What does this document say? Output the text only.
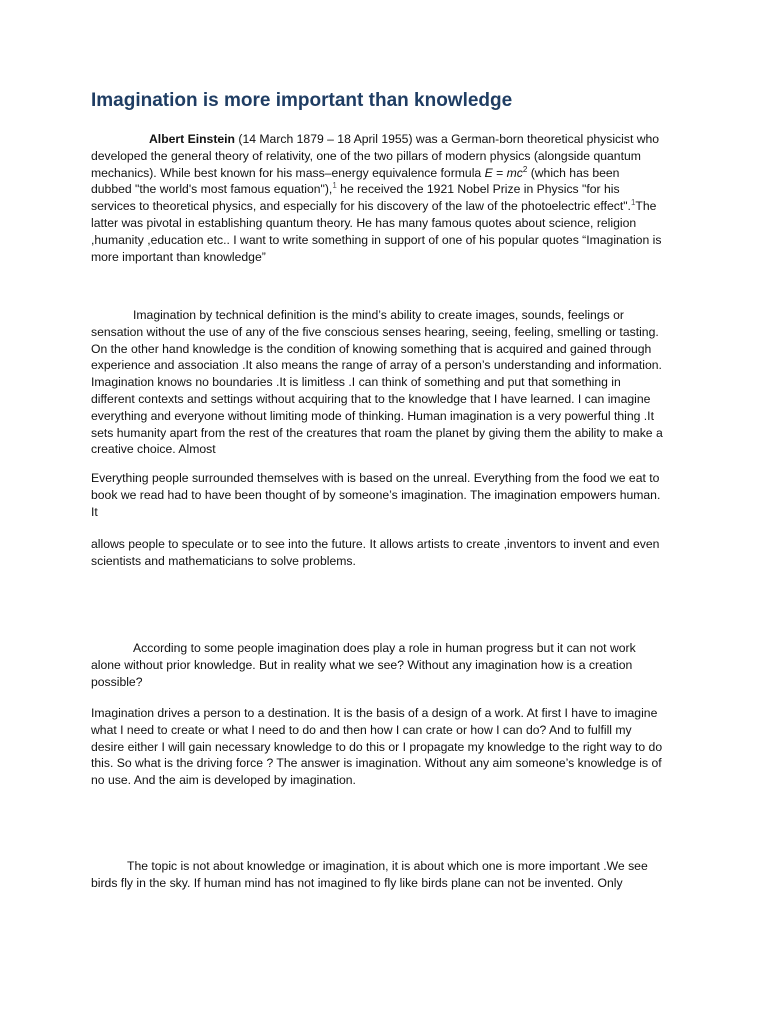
Imagination is more important than knowledge

Albert Einstein (14 March 1879 – 18 April 1955) was a German-born theoretical physicist who developed the general theory of relativity, one of the two pillars of modern physics (alongside quantum mechanics). While best known for his mass–energy equivalence formula $E = mc^2$ (which has been dubbed "the world's most famous equation"),$^1$ he received the 1921 Nobel Prize in Physics "for his services to theoretical physics, and especially for his discovery of the law of the photoelectric effect".$^1$The latter was pivotal in establishing quantum theory. He has many famous quotes about science, religion ,humanity ,education etc.. I want to write something in support of one of his popular quotes “Imagination is more important than knowledge”

Imagination by technical definition is the mind’s ability to create images, sounds, feelings or sensation without the use of any of the five conscious senses hearing, seeing, feeling, smelling or tasting. On the other hand knowledge is the condition of knowing something that is acquired and gained through experience and association .It also means the range of array of a person’s understanding and information. Imagination knows no boundaries .It is limitless .I can think of something and put that something in different contexts and settings without acquiring that to the knowledge that I have learned. I can imagine everything and everyone without limiting mode of thinking. Human imagination is a very powerful thing .It sets humanity apart from the rest of the creatures that roam the planet by giving them the ability to make a creative choice. Almost

Everything people surrounded themselves with is based on the unreal. Everything from the food we eat to book we read had to have been thought of by someone’s imagination. The imagination empowers human. It

allows people to speculate or to see into the future. It allows artists to create ,inventors to invent and even scientists and mathematicians to solve problems.

According to some people imagination does play a role in human progress but it can not work alone without prior knowledge. But in reality what we see? Without any imagination how is a creation possible?

Imagination drives a person to a destination. It is the basis of a design of a work. At first I have to imagine what I need to create or what I need to do and then how I can crate or how I can do? And to fulfill my desire either I will gain necessary knowledge to do this or I propagate my knowledge to the right way to do this. So what is the driving force ? The answer is imagination. Without any aim someone’s knowledge is of no use. And the aim is developed by imagination.

The topic is not about knowledge or imagination, it is about which one is more important .We see birds fly in the sky. If human mind has not imagined to fly like birds plane can not be invented. Only
